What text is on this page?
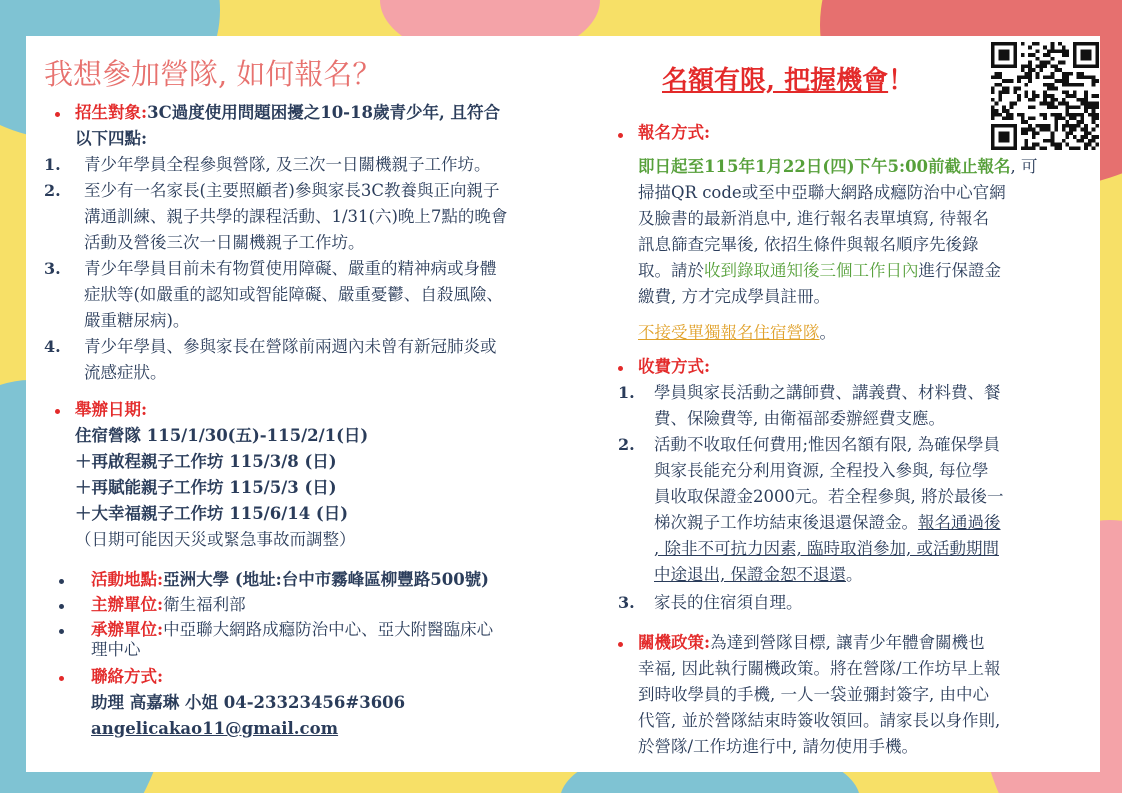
我想參加營隊, 如何報名？
招生對象:3C過度使用問題困擾之10-18歲青少年, 且符合
以下四點:
1. 青少年學員全程參與營隊, 及三次一日關機親子工作坊。
2. 至少有一名家長(主要照顧者)參與家長3C教養與正向親子
溝通訓練、親子共學的課程活動、1/31(六)晚上7點的晚會
活動及營後三次一日關機親子工作坊。
3. 青少年學員目前未有物質使用障礙、嚴重的精神病或身體
症狀等(如嚴重的認知或智能障礙、嚴重憂鬱、自殺風險、
嚴重糖尿病)。
4. 青少年學員、參與家長在營隊前兩週內未曾有新冠肺炎或
流感症狀。
舉辦日期:
住宿營隊 115/1/30(五)-115/2/1(日)
＋再啟程親子工作坊 115/3/8 (日)
＋再賦能親子工作坊 115/5/3 (日)
＋大幸福親子工作坊 115/6/14 (日)
（日期可能因天災或緊急事故而調整）
活動地點:亞洲大學 (地址:台中市霧峰區柳豐路500號)
主辦單位:衛生福利部
承辦單位:中亞聯大網路成癮防治中心、亞大附醫臨床心
理中心
聯絡方式:
助理 高嘉琳 小姐 04-23323456#3606
angelicakao11@gmail.com
名額有限, 把握機會！
報名方式:
即日起至115年1月22日(四)下午5:00前截止報名, 可
掃描QR code或至中亞聯大網路成癮防治中心官網
及臉書的最新消息中, 進行報名表單填寫, 待報名
訊息篩查完畢後, 依招生條件與報名順序先後錄
取。請於收到錄取通知後三個工作日內進行保證金
繳費, 方才完成學員註冊。
不接受單獨報名住宿營隊。
收費方式:
1. 學員與家長活動之講師費、講義費、材料費、餐
費、保險費等, 由衛福部委辦經費支應。
2. 活動不收取任何費用;惟因名額有限, 為確保學員
與家長能充分利用資源, 全程投入參與, 每位學
員收取保證金2000元。若全程參與, 將於最後一
梯次親子工作坊結束後退還保證金。報名通過後
, 除非不可抗力因素, 臨時取消參加, 或活動期間
中途退出, 保證金恕不退還。
3. 家長的住宿須自理。
關機政策:為達到營隊目標, 讓青少年體會關機也
幸福, 因此執行關機政策。將在營隊/工作坊早上報
到時收學員的手機, 一人一袋並彌封簽字, 由中心
代管, 並於營隊結束時簽收領回。請家長以身作則,
於營隊/工作坊進行中, 請勿使用手機。
